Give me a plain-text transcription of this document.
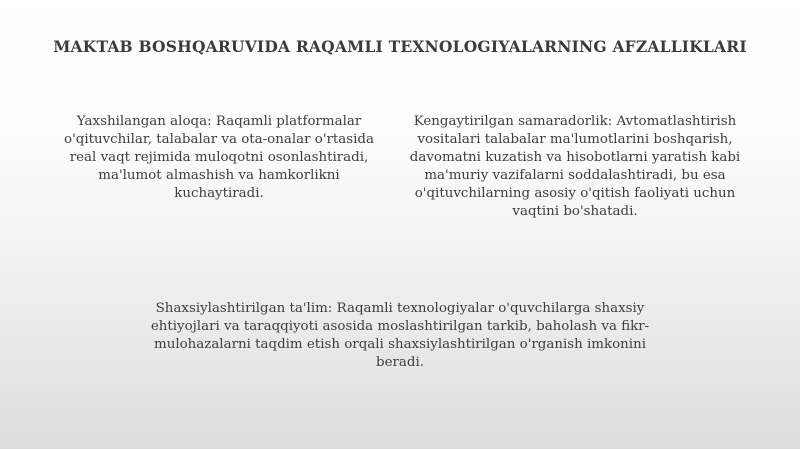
MAKTAB BOSHQARUVIDA RAQAMLI TEXNOLOGIYALARNING AFZALLIKLARI

Yaxshilangan aloqa: Raqamli platformalar o'qituvchilar, talabalar va ota-onalar o'rtasida real vaqt rejimida muloqotni osonlashtiradi, ma'lumot almashish va hamkorlikni kuchaytiradi.

Kengaytirilgan samaradorlik: Avtomatlashtirish vositalari talabalar ma'lumotlarini boshqarish, davomatni kuzatish va hisobotlarni yaratish kabi ma'muriy vazifalarni soddalashtiradi, bu esa o'qituvchilarning asosiy o'qitish faoliyati uchun vaqtini bo'shatadi.

Shaxsiylashtirilgan ta'lim: Raqamli texnologiyalar o'quvchilarga shaxsiy ehtiyojlari va taraqqiyoti asosida moslashtirilgan tarkib, baholash va fikr-mulohazalarni taqdim etish orqali shaxsiylashtirilgan o'rganish imkonini beradi.
